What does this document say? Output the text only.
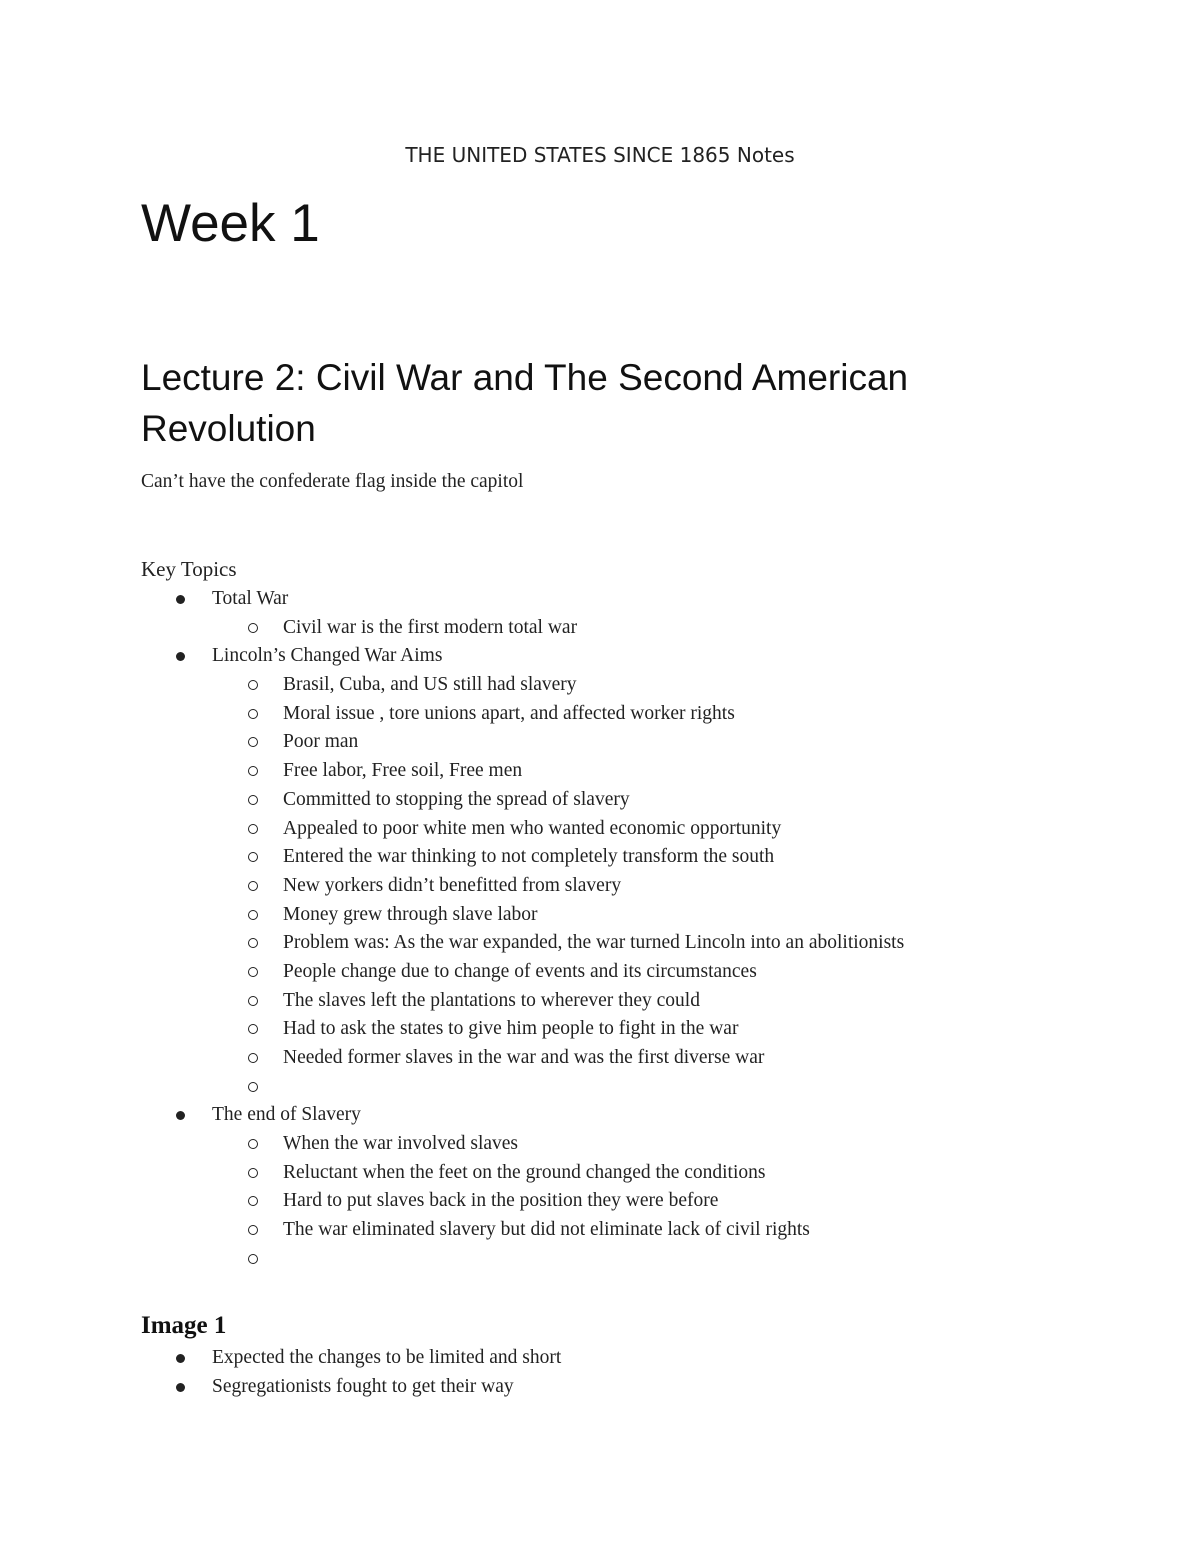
THE UNITED STATES SINCE 1865 Notes
Week 1
Lecture 2: Civil War and The Second American Revolution
Can’t have the confederate flag inside the capitol
Key Topics
Total War
Civil war is the first modern total war
Lincoln’s Changed War Aims
Brasil, Cuba, and US still had slavery
Moral issue , tore unions apart, and affected worker rights
Poor man
Free labor, Free soil, Free men
Committed to stopping the spread of slavery
Appealed to poor white men who wanted economic opportunity
Entered the war thinking to not completely transform the south
New yorkers didn’t benefitted from slavery
Money grew through slave labor
Problem was: As the war expanded, the war turned Lincoln into an abolitionists
People change due to change of events and its circumstances
The slaves left the plantations to wherever they could
Had to ask the states to give him people to fight in the war
Needed former slaves in the war and was the first diverse war
The end of Slavery
When the war involved slaves
Reluctant when the feet on the ground changed the conditions
Hard to put slaves back in the position they were before
The war eliminated slavery but did not eliminate lack of civil rights
Image 1
Expected the changes to be limited and short
Segregationists fought to get their way
